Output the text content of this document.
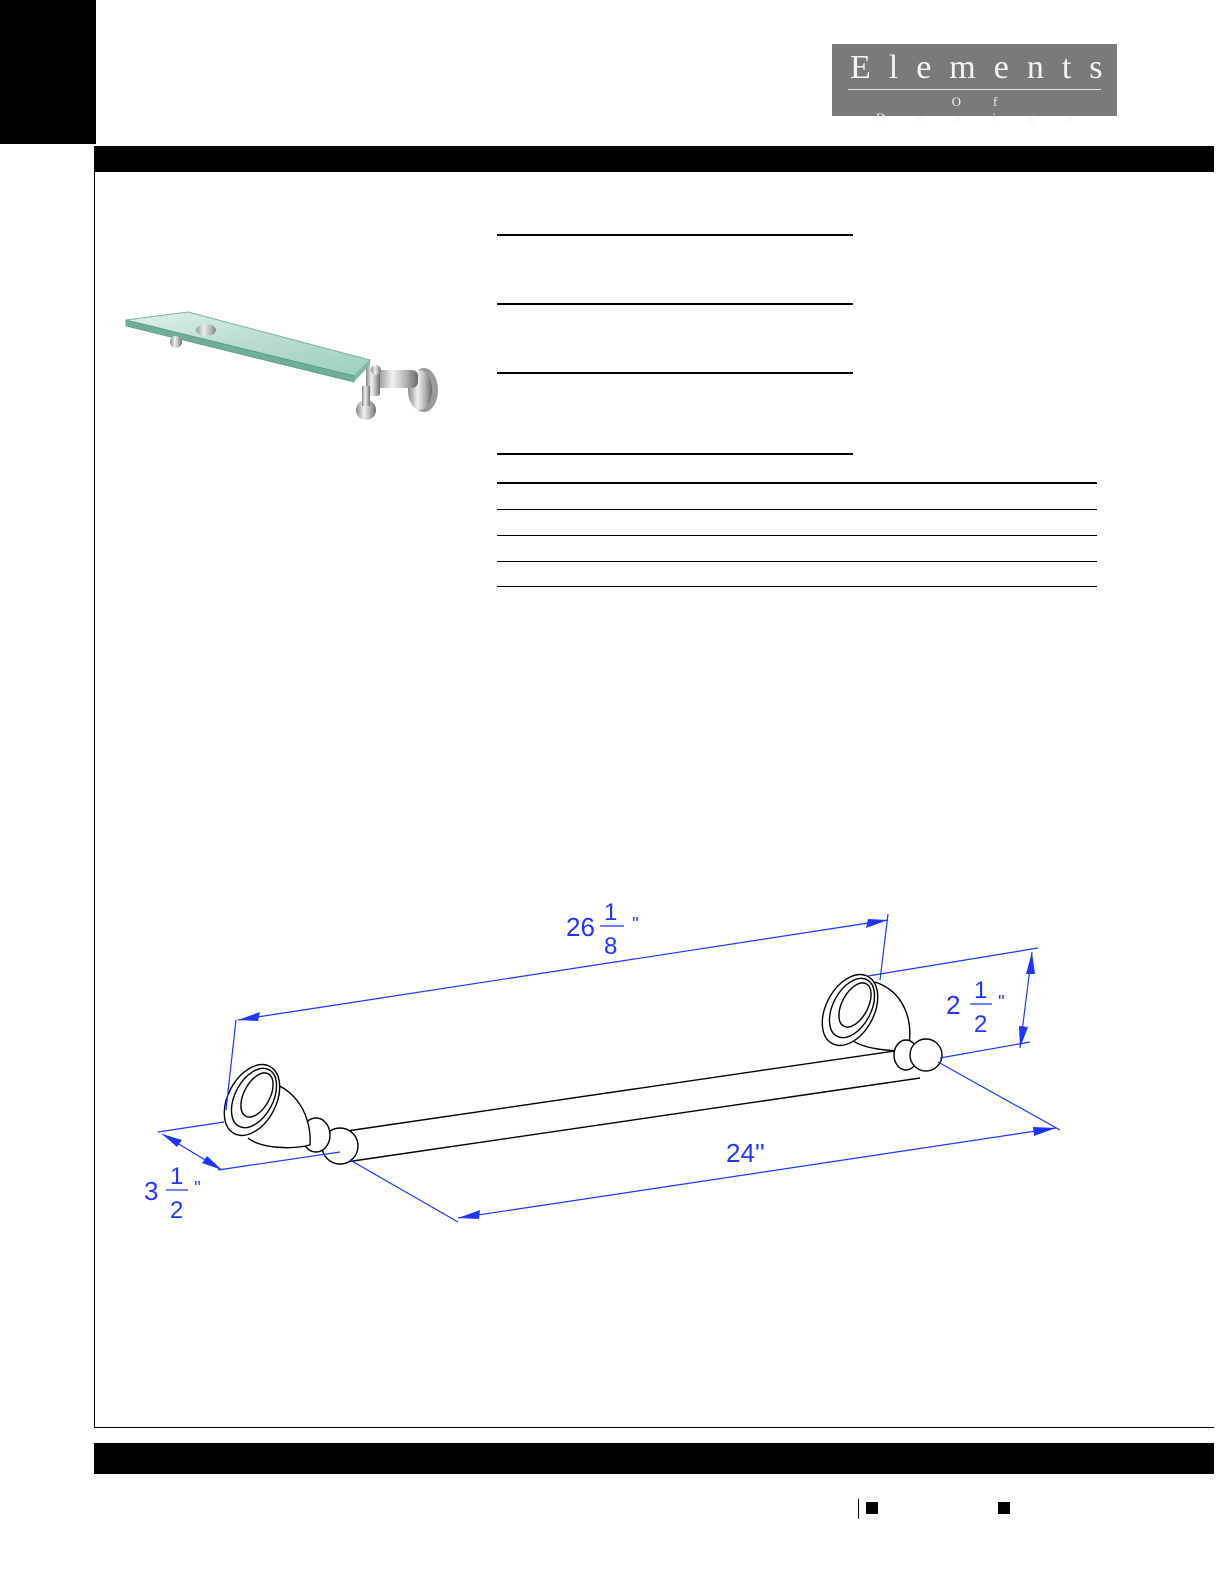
Elements
Of Design
26 1
8
''
2 1
2
''
24''
3 1
2
''
